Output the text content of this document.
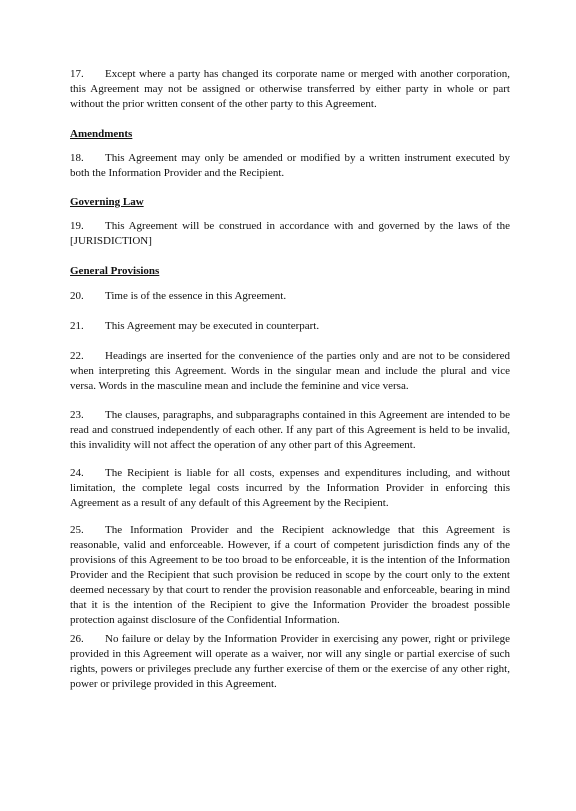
17. Except where a party has changed its corporate name or merged with another corporation, this Agreement may not be assigned or otherwise transferred by either party in whole or part without the prior written consent of the other party to this Agreement.

Amendments

18. This Agreement may only be amended or modified by a written instrument executed by both the Information Provider and the Recipient.

Governing Law

19. This Agreement will be construed in accordance with and governed by the laws of the [JURISDICTION]

General Provisions

20. Time is of the essence in this Agreement.

21. This Agreement may be executed in counterpart.

22. Headings are inserted for the convenience of the parties only and are not to be considered when interpreting this Agreement. Words in the singular mean and include the plural and vice versa. Words in the masculine mean and include the feminine and vice versa.

23. The clauses, paragraphs, and subparagraphs contained in this Agreement are intended to be read and construed independently of each other. If any part of this Agreement is held to be invalid, this invalidity will not affect the operation of any other part of this Agreement.

24. The Recipient is liable for all costs, expenses and expenditures including, and without limitation, the complete legal costs incurred by the Information Provider in enforcing this Agreement as a result of any default of this Agreement by the Recipient.

25. The Information Provider and the Recipient acknowledge that this Agreement is reasonable, valid and enforceable. However, if a court of competent jurisdiction finds any of the provisions of this Agreement to be too broad to be enforceable, it is the intention of the Information Provider and the Recipient that such provision be reduced in scope by the court only to the extent deemed necessary by that court to render the provision reasonable and enforceable, bearing in mind that it is the intention of the Recipient to give the Information Provider the broadest possible protection against disclosure of the Confidential Information.

26. No failure or delay by the Information Provider in exercising any power, right or privilege provided in this Agreement will operate as a waiver, nor will any single or partial exercise of such rights, powers or privileges preclude any further exercise of them or the exercise of any other right, power or privilege provided in this Agreement.
